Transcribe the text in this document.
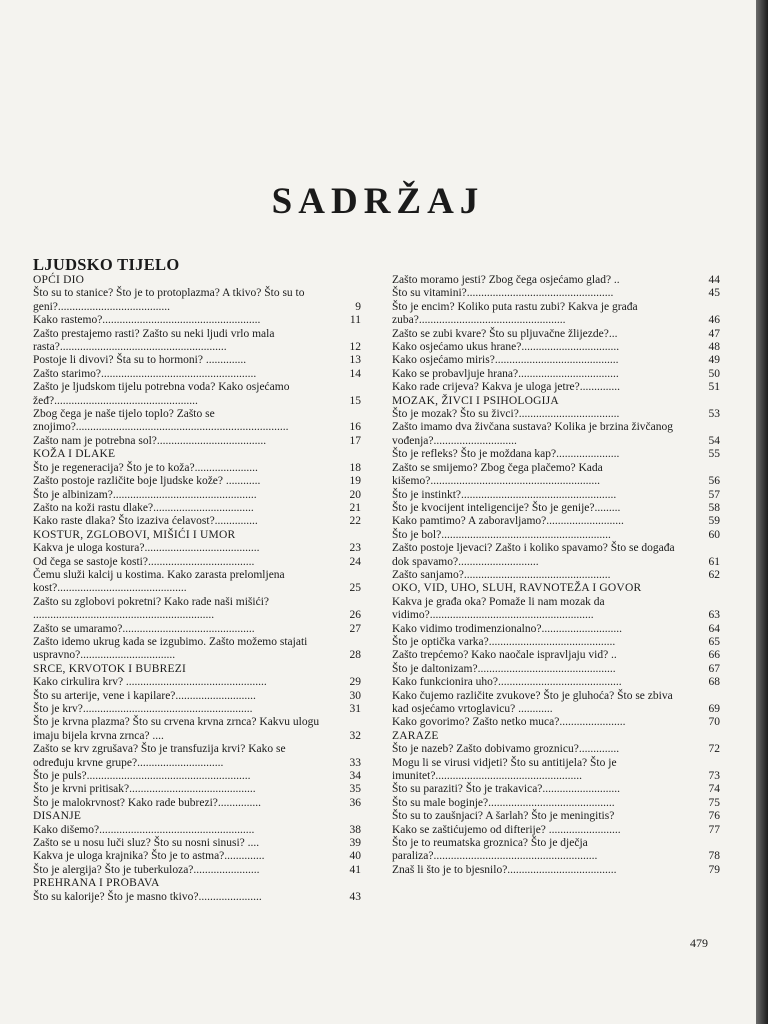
SADRŽAJ
LJUDSKO TIJELO
OPĆI DIO
Što su to stanice? Što je to protoplazma? A tkivo? Što su to geni?.......................................	9
Kako rastemo?.......................................................	11
Zašto prestajemo rasti? Zašto su neki ljudi vrlo mala rasta?..........................................................	12
Postoje li divovi? Šta su to hormoni? ..............	13
Zašto starimo?......................................................	14
Zašto je ljudskom tijelu potrebna voda? Kako osjećamo žeđ?..................................................	15
Zbog čega je naše tijelo toplo? Zašto se znojimo?..........................................................................	16
Zašto nam je potrebna sol?......................................	17
KOŽA I DLAKE
Što je regeneracija? Što je to koža?......................	18
Zašto postoje različite boje ljudske kože? ............	19
Što je albinizam?..................................................	20
Zašto na koži rastu dlake?...................................	21
Kako raste dlaka? Što izaziva ćelavost?...............	22
KOSTUR, ZGLOBOVI, MIŠIĆI I UMOR
Kakva je uloga kostura?........................................	23
Od čega se sastoje kosti?.....................................	24
Čemu služi kalcij u kostima. Kako zarasta prelomljena kost?.............................................	25
Zašto su zglobovi pokretni? Kako rade naši mišići? ...............................................................	26
Zašto se umaramo?..............................................	27
Zašto idemo ukrug kada se izgubimo. Zašto možemo stajati uspravno?.................................	28
SRCE, KRVOTOK I BUBREZI
Kako cirkulira krv? .................................................	29
Što su arterije, vene i kapilare?............................	30
Što je krv?...........................................................	31
Što je krvna plazma? Što su crvena krvna zrnca? Kakvu ulogu imaju bijela krvna zrnca? ....	32
Zašto se krv zgrušava? Što je transfuzija krvi? Kako se određuju krvne grupe?..............................	33
Što je puls?.........................................................	34
Što je krvni pritisak?............................................	35
Što je malokrvnost? Kako rade bubrezi?...............	36
DISANJE
Kako dišemo?......................................................	38
Zašto se u nosu luči sluz? Što su nosni sinusi? ....	39
Kakva je uloga krajnika? Što je to astma?..............	40
Što je alergija? Što je tuberkuloza?.......................	41
PREHRANA I PROBAVA
Što su kalorije? Što je masno tkivo?......................	43
Zašto moramo jesti? Zbog čega osjećamo glad? ..	44
Što su vitamini?...................................................	45
Što je encim? Koliko puta rastu zubi? Kakva je građa zuba?...................................................	46
Zašto se zubi kvare? Što su pljuvačne žlijezde?...	47
Kako osjećamo ukus hrane?..................................	48
Kako osjećamo miris?...........................................	49
Kako se probavljuje hrana?...................................	50
Kako rade crijeva? Kakva je uloga jetre?..............	51
MOZAK, ŽIVCI I PSIHOLOGIJA
Što je mozak? Što su živci?...................................	53
Zašto imamo dva živčana sustava? Kolika je brzina živčanog vođenja?.............................	54
Što je refleks? Što je moždana kap?......................	55
Zašto se smijemo? Zbog čega plačemo? Kada kišemo?...........................................................	56
Što je instinkt?......................................................	57
Što je kvocijent inteligencije? Što je genije?.........	58
Kako pamtimo? A zaboravljamo?...........................	59
Što je bol?...........................................................	60
Zašto postoje ljevaci? Zašto i koliko spavamo? Što se događa dok spavamo?............................	61
Zašto sanjamo?...................................................	62
OKO, VID, UHO, SLUH, RAVNOTEŽA I GOVOR
Kakva je građa oka? Pomaže li nam mozak da vidimo?.........................................................	63
Kako vidimo trodimenzionalno?............................	64
Što je optička varka?............................................	65
Zašto trepćemo? Kako naočale ispravljaju vid? ..	66
Što je daltonizam?................................................	67
Kako funkcionira uho?...........................................	68
Kako čujemo različite zvukove? Što je gluhoća? Što se zbiva kad osjećamo vrtoglavicu? ............	69
Kako govorimo? Zašto netko muca?.......................	70
ZARAZE
Što je nazeb? Zašto dobivamo groznicu?..............	72
Mogu li se virusi vidjeti? Što su antitijela? Što je imunitet?...................................................	73
Što su paraziti? Što je trakavica?...........................	74
Što su male boginje?............................................	75
Što su to zaušnjaci? A šarlah? Što je meningitis?	76
Kako se zaštićujemo od difterije? .........................	77
Što je to reumatska groznica? Što je dječja paraliza?.........................................................	78
Znaš li što je to bjesnilo?......................................	79
479
